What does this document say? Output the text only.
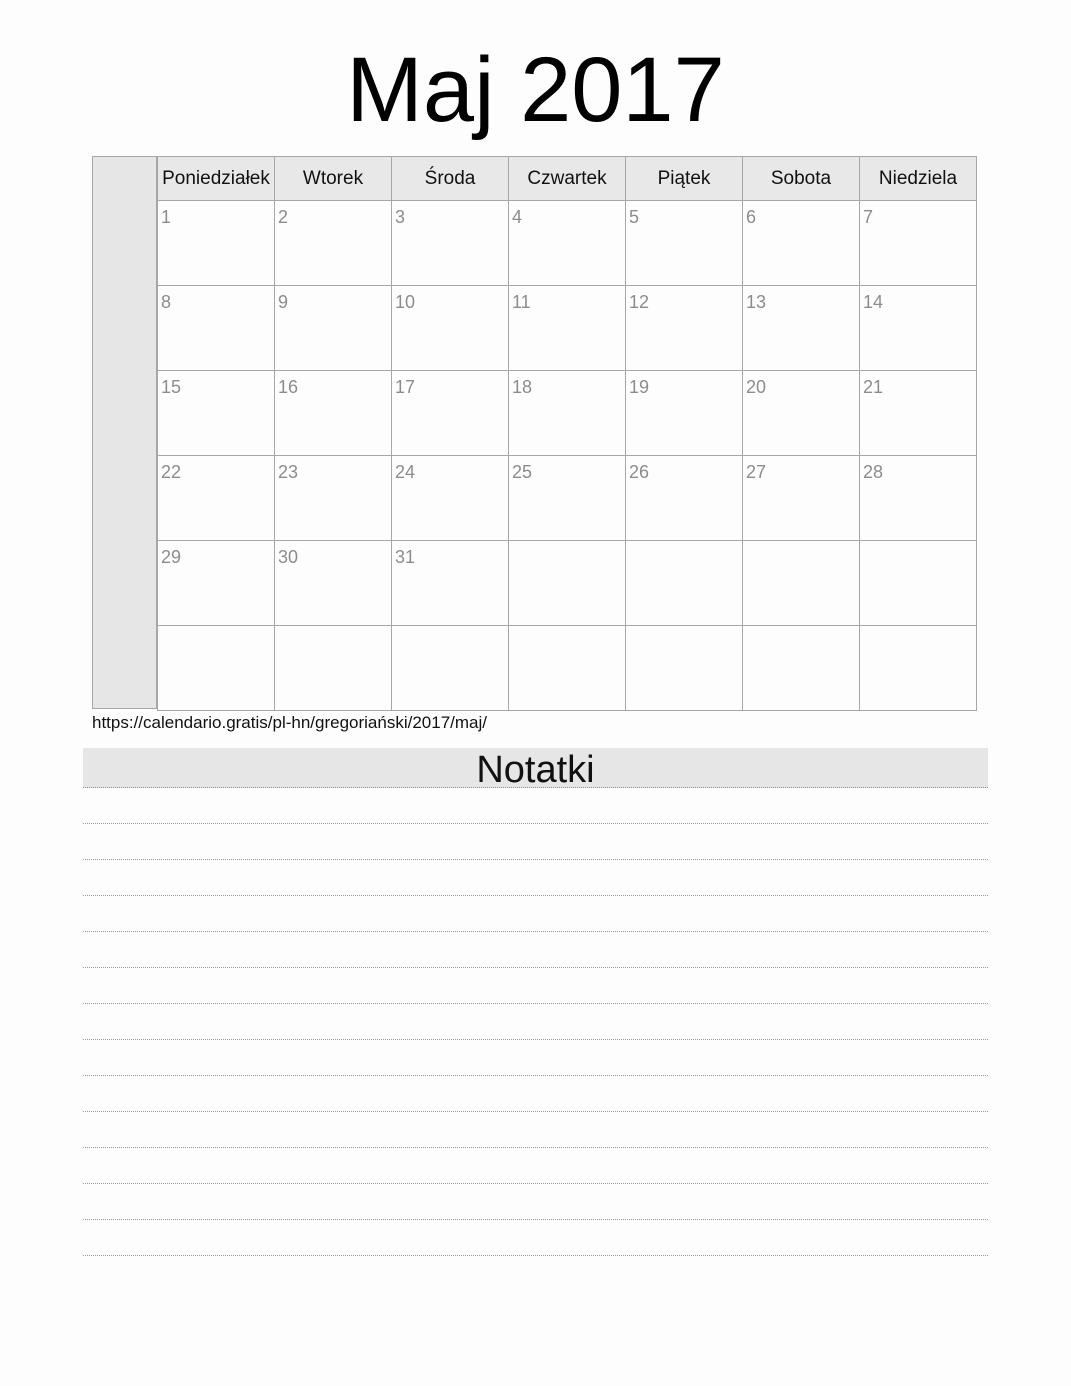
Maj 2017
Poniedziałek	Wtorek	Środa	Czwartek	Piątek	Sobota	Niedziela

1	2	3	4	5	6	7

8	9	10	11	12	13	14

15	16	17	18	19	20	21

22	23	24	25	26	27	28

29	30	31				

https://calendario.gratis/pl-hn/gregoriański/2017/maj/
Notatki
